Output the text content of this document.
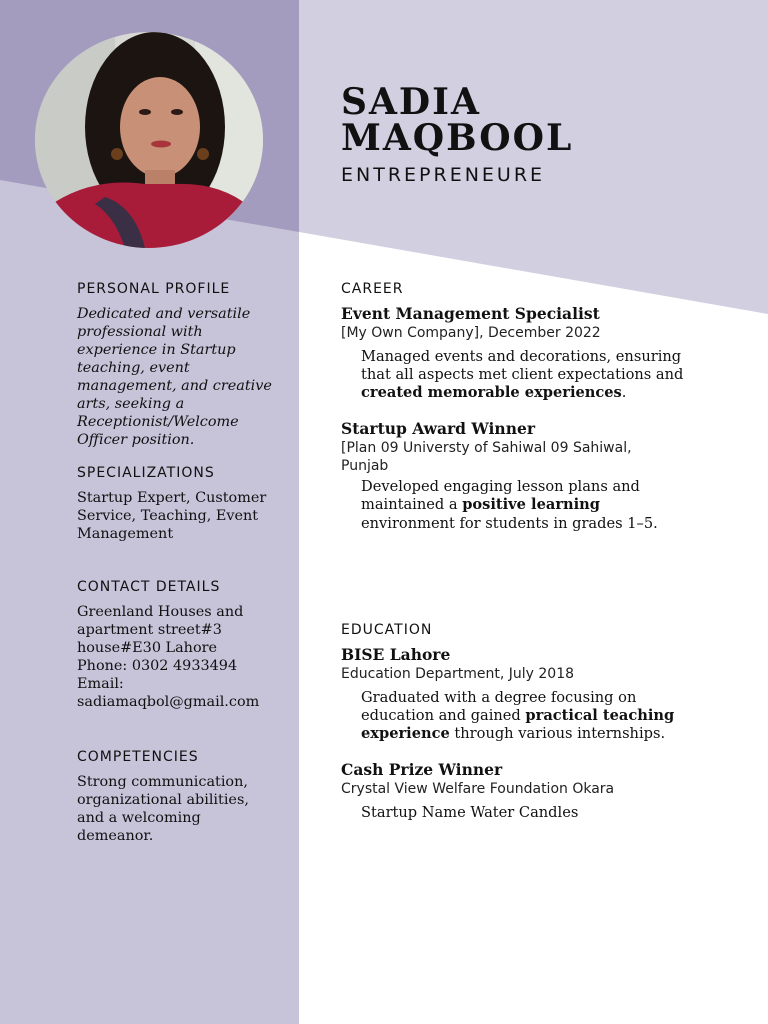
SADIA
MAQBOOL
ENTREPRENEURE
PERSONAL PROFILE
Dedicated and versatile professional with experience in Startup teaching, event management, and creative arts, seeking a Receptionist/Welcome Officer position.
SPECIALIZATIONS
Startup Expert, Customer Service, Teaching, Event Management
CONTACT DETAILS
Greenland Houses and apartment street#3 house#E30 Lahore
Phone: 0302 4933494
Email:
sadiamaqbol@gmail.com
COMPETENCIES
Strong communication, organizational abilities, and a welcoming demeanor.
CAREER
Event Management Specialist
[My Own Company], December 2022
Managed events and decorations, ensuring that all aspects met client expectations and created memorable experiences.
Startup Award Winner
[Plan 09 Universty of Sahiwal 09 Sahiwal, Punjab
Developed engaging lesson plans and maintained a positive learning environment for students in grades 1–5.
EDUCATION
BISE Lahore
Education Department, July 2018
Graduated with a degree focusing on education and gained practical teaching experience through various internships.
Cash Prize Winner
Crystal View Welfare Foundation Okara
Startup Name Water Candles
